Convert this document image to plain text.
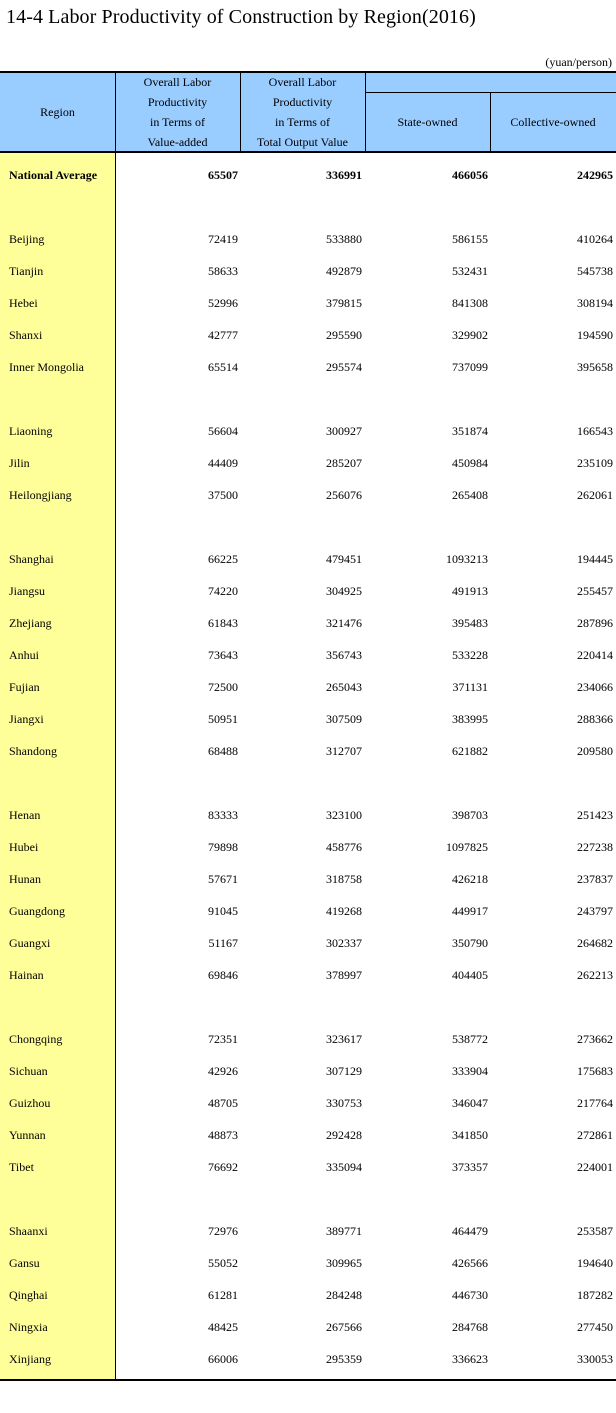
14-4 Labor Productivity of Construction by Region(2016)
(yuan/person)
Region
Overall Labor
Productivity
in Terms of
Value-added
Overall Labor
Productivity
in Terms of
Total Output Value
State-owned	Collective-owned
National Average	65507	336991	466056	242965
Beijing	72419	533880	586155	410264
Tianjin	58633	492879	532431	545738
Hebei	52996	379815	841308	308194
Shanxi	42777	295590	329902	194590
Inner Mongolia	65514	295574	737099	395658
Liaoning	56604	300927	351874	166543
Jilin	44409	285207	450984	235109
Heilongjiang	37500	256076	265408	262061
Shanghai	66225	479451	1093213	194445
Jiangsu	74220	304925	491913	255457
Zhejiang	61843	321476	395483	287896
Anhui	73643	356743	533228	220414
Fujian	72500	265043	371131	234066
Jiangxi	50951	307509	383995	288366
Shandong	68488	312707	621882	209580
Henan	83333	323100	398703	251423
Hubei	79898	458776	1097825	227238
Hunan	57671	318758	426218	237837
Guangdong	91045	419268	449917	243797
Guangxi	51167	302337	350790	264682
Hainan	69846	378997	404405	262213
Chongqing	72351	323617	538772	273662
Sichuan	42926	307129	333904	175683
Guizhou	48705	330753	346047	217764
Yunnan	48873	292428	341850	272861
Tibet	76692	335094	373357	224001
Shaanxi	72976	389771	464479	253587
Gansu	55052	309965	426566	194640
Qinghai	61281	284248	446730	187282
Ningxia	48425	267566	284768	277450
Xinjiang	66006	295359	336623	330053
